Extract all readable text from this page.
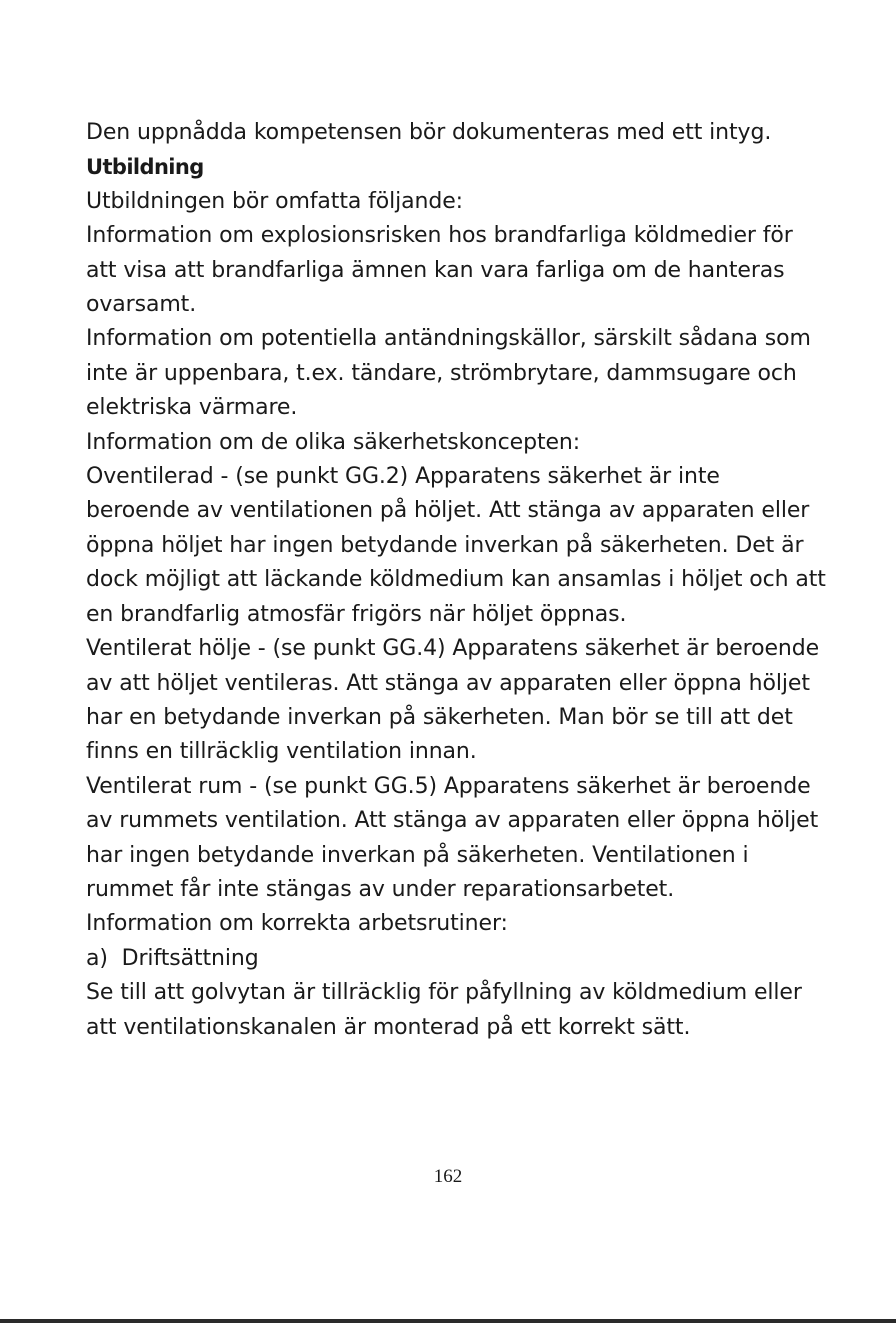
Den uppnådda kompetensen bör dokumenteras med ett intyg.

Utbildning

Utbildningen bör omfatta följande:

Information om explosionsrisken hos brandfarliga köldmedier för att visa att brandfarliga ämnen kan vara farliga om de hanteras ovarsamt.

Information om potentiella antändningskällor, särskilt sådana som inte är uppenbara, t.ex. tändare, strömbrytare, dammsugare och elektriska värmare.

Information om de olika säkerhetskoncepten:

Oventilerad - (se punkt GG.2) Apparatens säkerhet är inte beroende av ventilationen på höljet. Att stänga av apparaten eller öppna höljet har ingen betydande inverkan på säkerheten. Det är dock möjligt att läckande köldmedium kan ansamlas i höljet och att en brandfarlig atmosfär frigörs när höljet öppnas.

Ventilerat hölje - (se punkt GG.4) Apparatens säkerhet är beroende av att höljet ventileras. Att stänga av apparaten eller öppna höljet har en betydande inverkan på säkerheten. Man bör se till att det finns en tillräcklig ventilation innan.

Ventilerat rum - (se punkt GG.5) Apparatens säkerhet är beroende av rummets ventilation. Att stänga av apparaten eller öppna höljet har ingen betydande inverkan på säkerheten. Ventilationen i rummet får inte stängas av under reparationsarbetet.

Information om korrekta arbetsrutiner:

a)  Driftsättning

Se till att golvytan är tillräcklig för påfyllning av köldmedium eller att ventilationskanalen är monterad på ett korrekt sätt.

162
